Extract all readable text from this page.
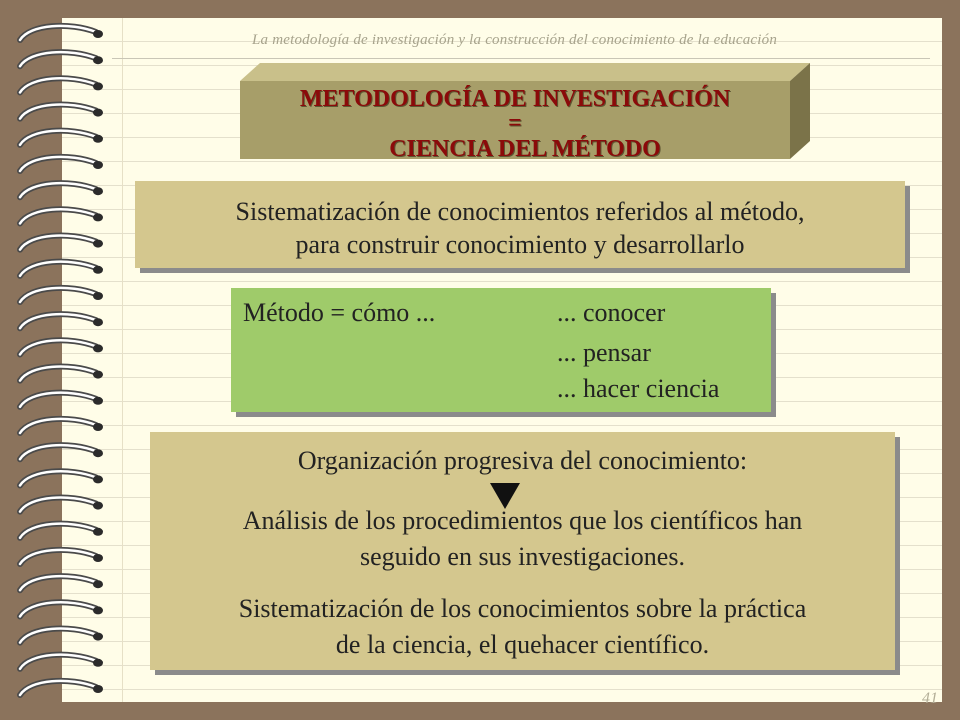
La metodología de investigación y la construcción del conocimiento de la educación
METODOLOGÍA DE INVESTIGACIÓN
=
CIENCIA DEL MÉTODO
Sistematización de conocimientos referidos al método,
para construir conocimiento y desarrollarlo
Método = cómo ...	... conocer
... pensar
... hacer ciencia
Organización progresiva del conocimiento:
Análisis de los procedimientos que los científicos han
seguido en sus investigaciones.
Sistematización de los conocimientos sobre la práctica
de la ciencia, el quehacer científico.
41
